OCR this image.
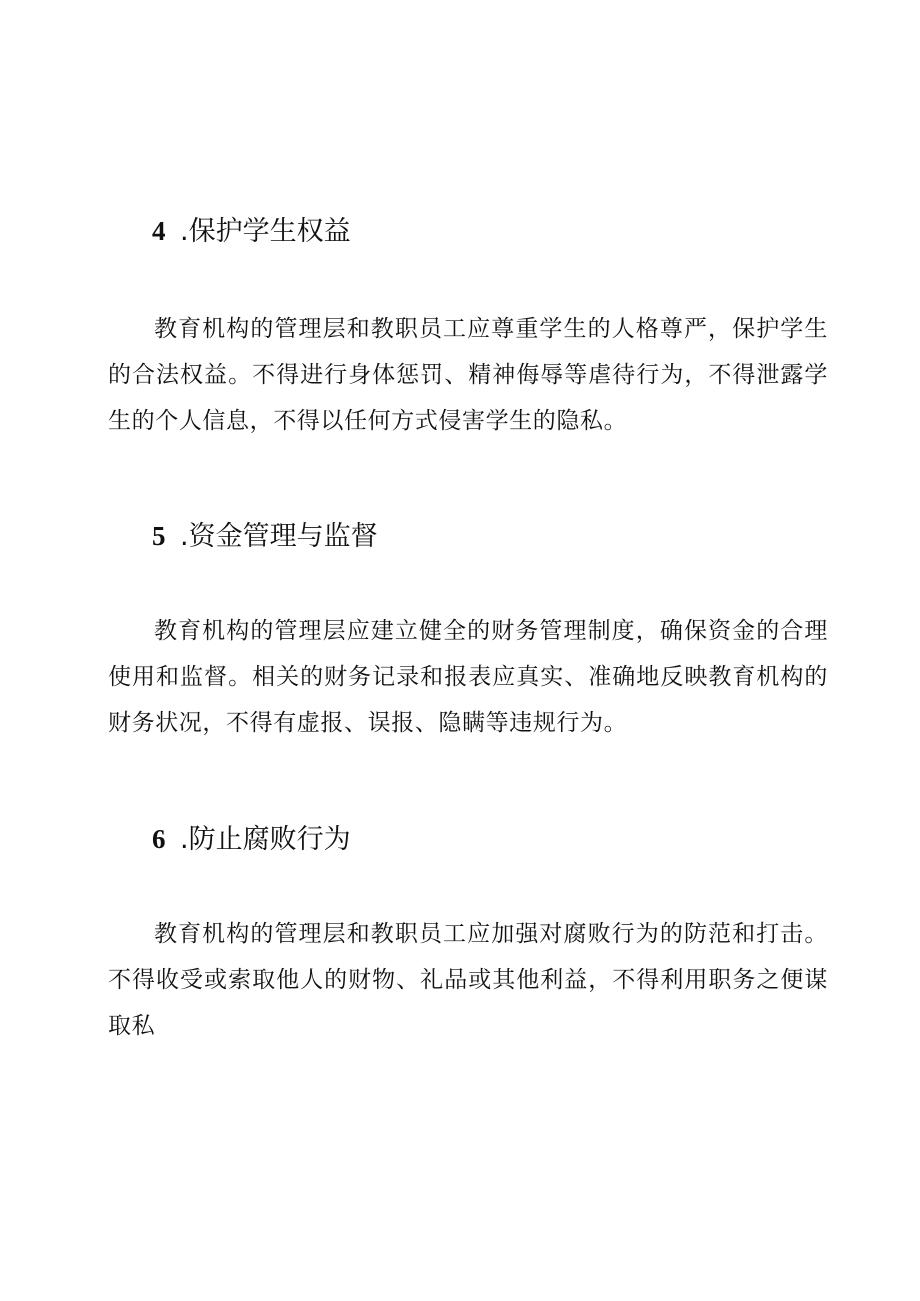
4 .保护学生权益

教育机构的管理层和教职员工应尊重学生的人格尊严，保护学生的合法权益。不得进行身体惩罚、精神侮辱等虐待行为，不得泄露学生的个人信息，不得以任何方式侵害学生的隐私。

5 .资金管理与监督

教育机构的管理层应建立健全的财务管理制度，确保资金的合理使用和监督。相关的财务记录和报表应真实、准确地反映教育机构的财务状况，不得有虚报、误报、隐瞒等违规行为。

6 .防止腐败行为

教育机构的管理层和教职员工应加强对腐败行为的防范和打击。不得收受或索取他人的财物、礼品或其他利益，不得利用职务之便谋取私
